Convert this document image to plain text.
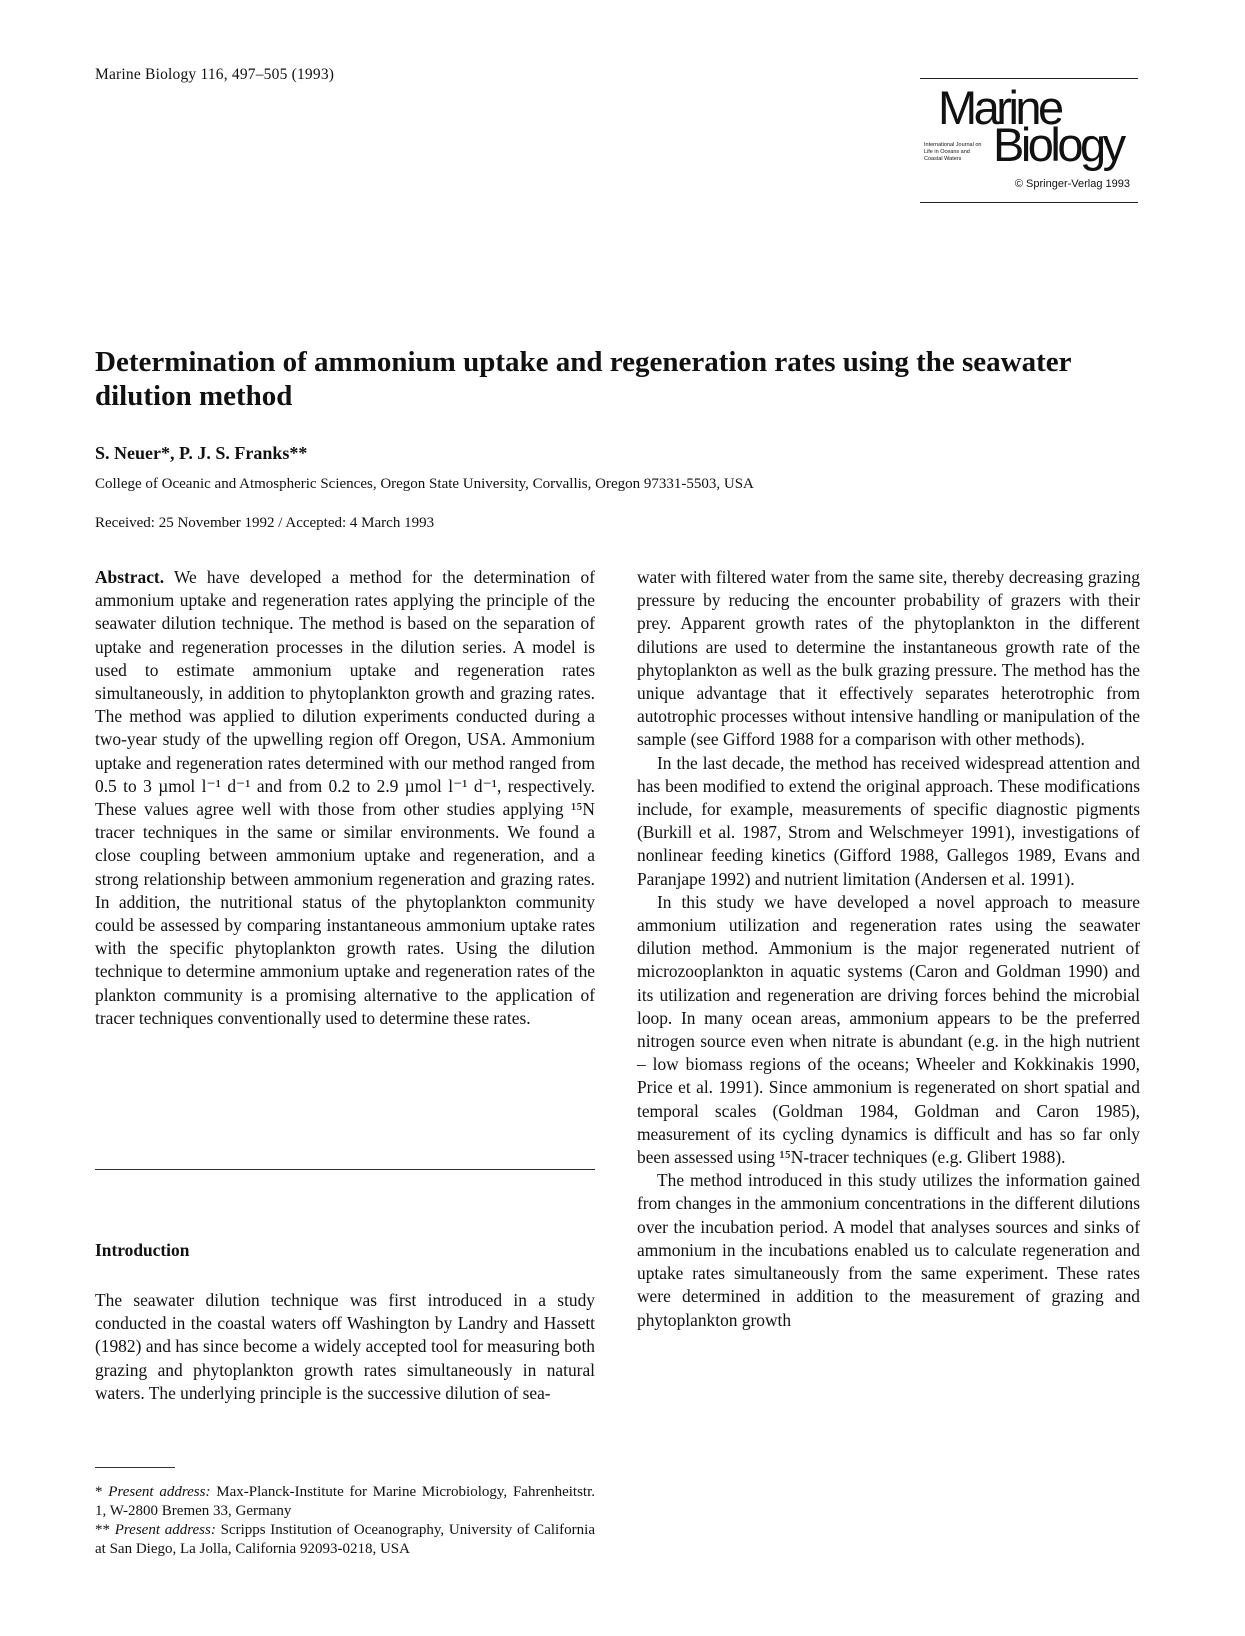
Marine Biology 116, 497–505 (1993)
Marine
International Journal on Life in Oceans and Coastal Waters Biology
© Springer-Verlag 1993
Determination of ammonium uptake and regeneration rates using the seawater dilution method
S. Neuer*, P. J. S. Franks**
College of Oceanic and Atmospheric Sciences, Oregon State University, Corvallis, Oregon 97331-5503, USA
Received: 25 November 1992 / Accepted: 4 March 1993

Abstract. We have developed a method for the determination of ammonium uptake and regeneration rates applying the principle of the seawater dilution technique. The method is based on the separation of uptake and regeneration processes in the dilution series. A model is used to estimate ammonium uptake and regeneration rates simultaneously, in addition to phytoplankton growth and grazing rates. The method was applied to dilution experiments conducted during a two-year study of the upwelling region off Oregon, USA. Ammonium uptake and regeneration rates determined with our method ranged from 0.5 to 3 µmol l⁻¹ d⁻¹ and from 0.2 to 2.9 µmol l⁻¹ d⁻¹, respectively. These values agree well with those from other studies applying ¹⁵N tracer techniques in the same or similar environments. We found a close coupling between ammonium uptake and regeneration, and a strong relationship between ammonium regeneration and grazing rates. In addition, the nutritional status of the phytoplankton community could be assessed by comparing instantaneous ammonium uptake rates with the specific phytoplankton growth rates. Using the dilution technique to determine ammonium uptake and regeneration rates of the plankton community is a promising alternative to the application of tracer techniques conventionally used to determine these rates.

Introduction
The seawater dilution technique was first introduced in a study conducted in the coastal waters off Washington by Landry and Hassett (1982) and has since become a widely accepted tool for measuring both grazing and phytoplankton growth rates simultaneously in natural waters. The underlying principle is the successive dilution of sea-

* Present address: Max-Planck-Institute for Marine Microbiology, Fahrenheitstr. 1, W-2800 Bremen 33, Germany

** Present address: Scripps Institution of Oceanography, University of California at San Diego, La Jolla, California 92093-0218, USA

water with filtered water from the same site, thereby decreasing grazing pressure by reducing the encounter probability of grazers with their prey. Apparent growth rates of the phytoplankton in the different dilutions are used to determine the instantaneous growth rate of the phytoplankton as well as the bulk grazing pressure. The method has the unique advantage that it effectively separates heterotrophic from autotrophic processes without intensive handling or manipulation of the sample (see Gifford 1988 for a comparison with other methods).

In the last decade, the method has received widespread attention and has been modified to extend the original approach. These modifications include, for example, measurements of specific diagnostic pigments (Burkill et al. 1987, Strom and Welschmeyer 1991), investigations of nonlinear feeding kinetics (Gifford 1988, Gallegos 1989, Evans and Paranjape 1992) and nutrient limitation (Andersen et al. 1991).

In this study we have developed a novel approach to measure ammonium utilization and regeneration rates using the seawater dilution method. Ammonium is the major regenerated nutrient of microzooplankton in aquatic systems (Caron and Goldman 1990) and its utilization and regeneration are driving forces behind the microbial loop. In many ocean areas, ammonium appears to be the preferred nitrogen source even when nitrate is abundant (e.g. in the high nutrient – low biomass regions of the oceans; Wheeler and Kokkinakis 1990, Price et al. 1991). Since ammonium is regenerated on short spatial and temporal scales (Goldman 1984, Goldman and Caron 1985), measurement of its cycling dynamics is difficult and has so far only been assessed using ¹⁵N-tracer techniques (e.g. Glibert 1988).

The method introduced in this study utilizes the information gained from changes in the ammonium concentrations in the different dilutions over the incubation period. A model that analyses sources and sinks of ammonium in the incubations enabled us to calculate regeneration and uptake rates simultaneously from the same experiment. These rates were determined in addition to the measurement of grazing and phytoplankton growth
